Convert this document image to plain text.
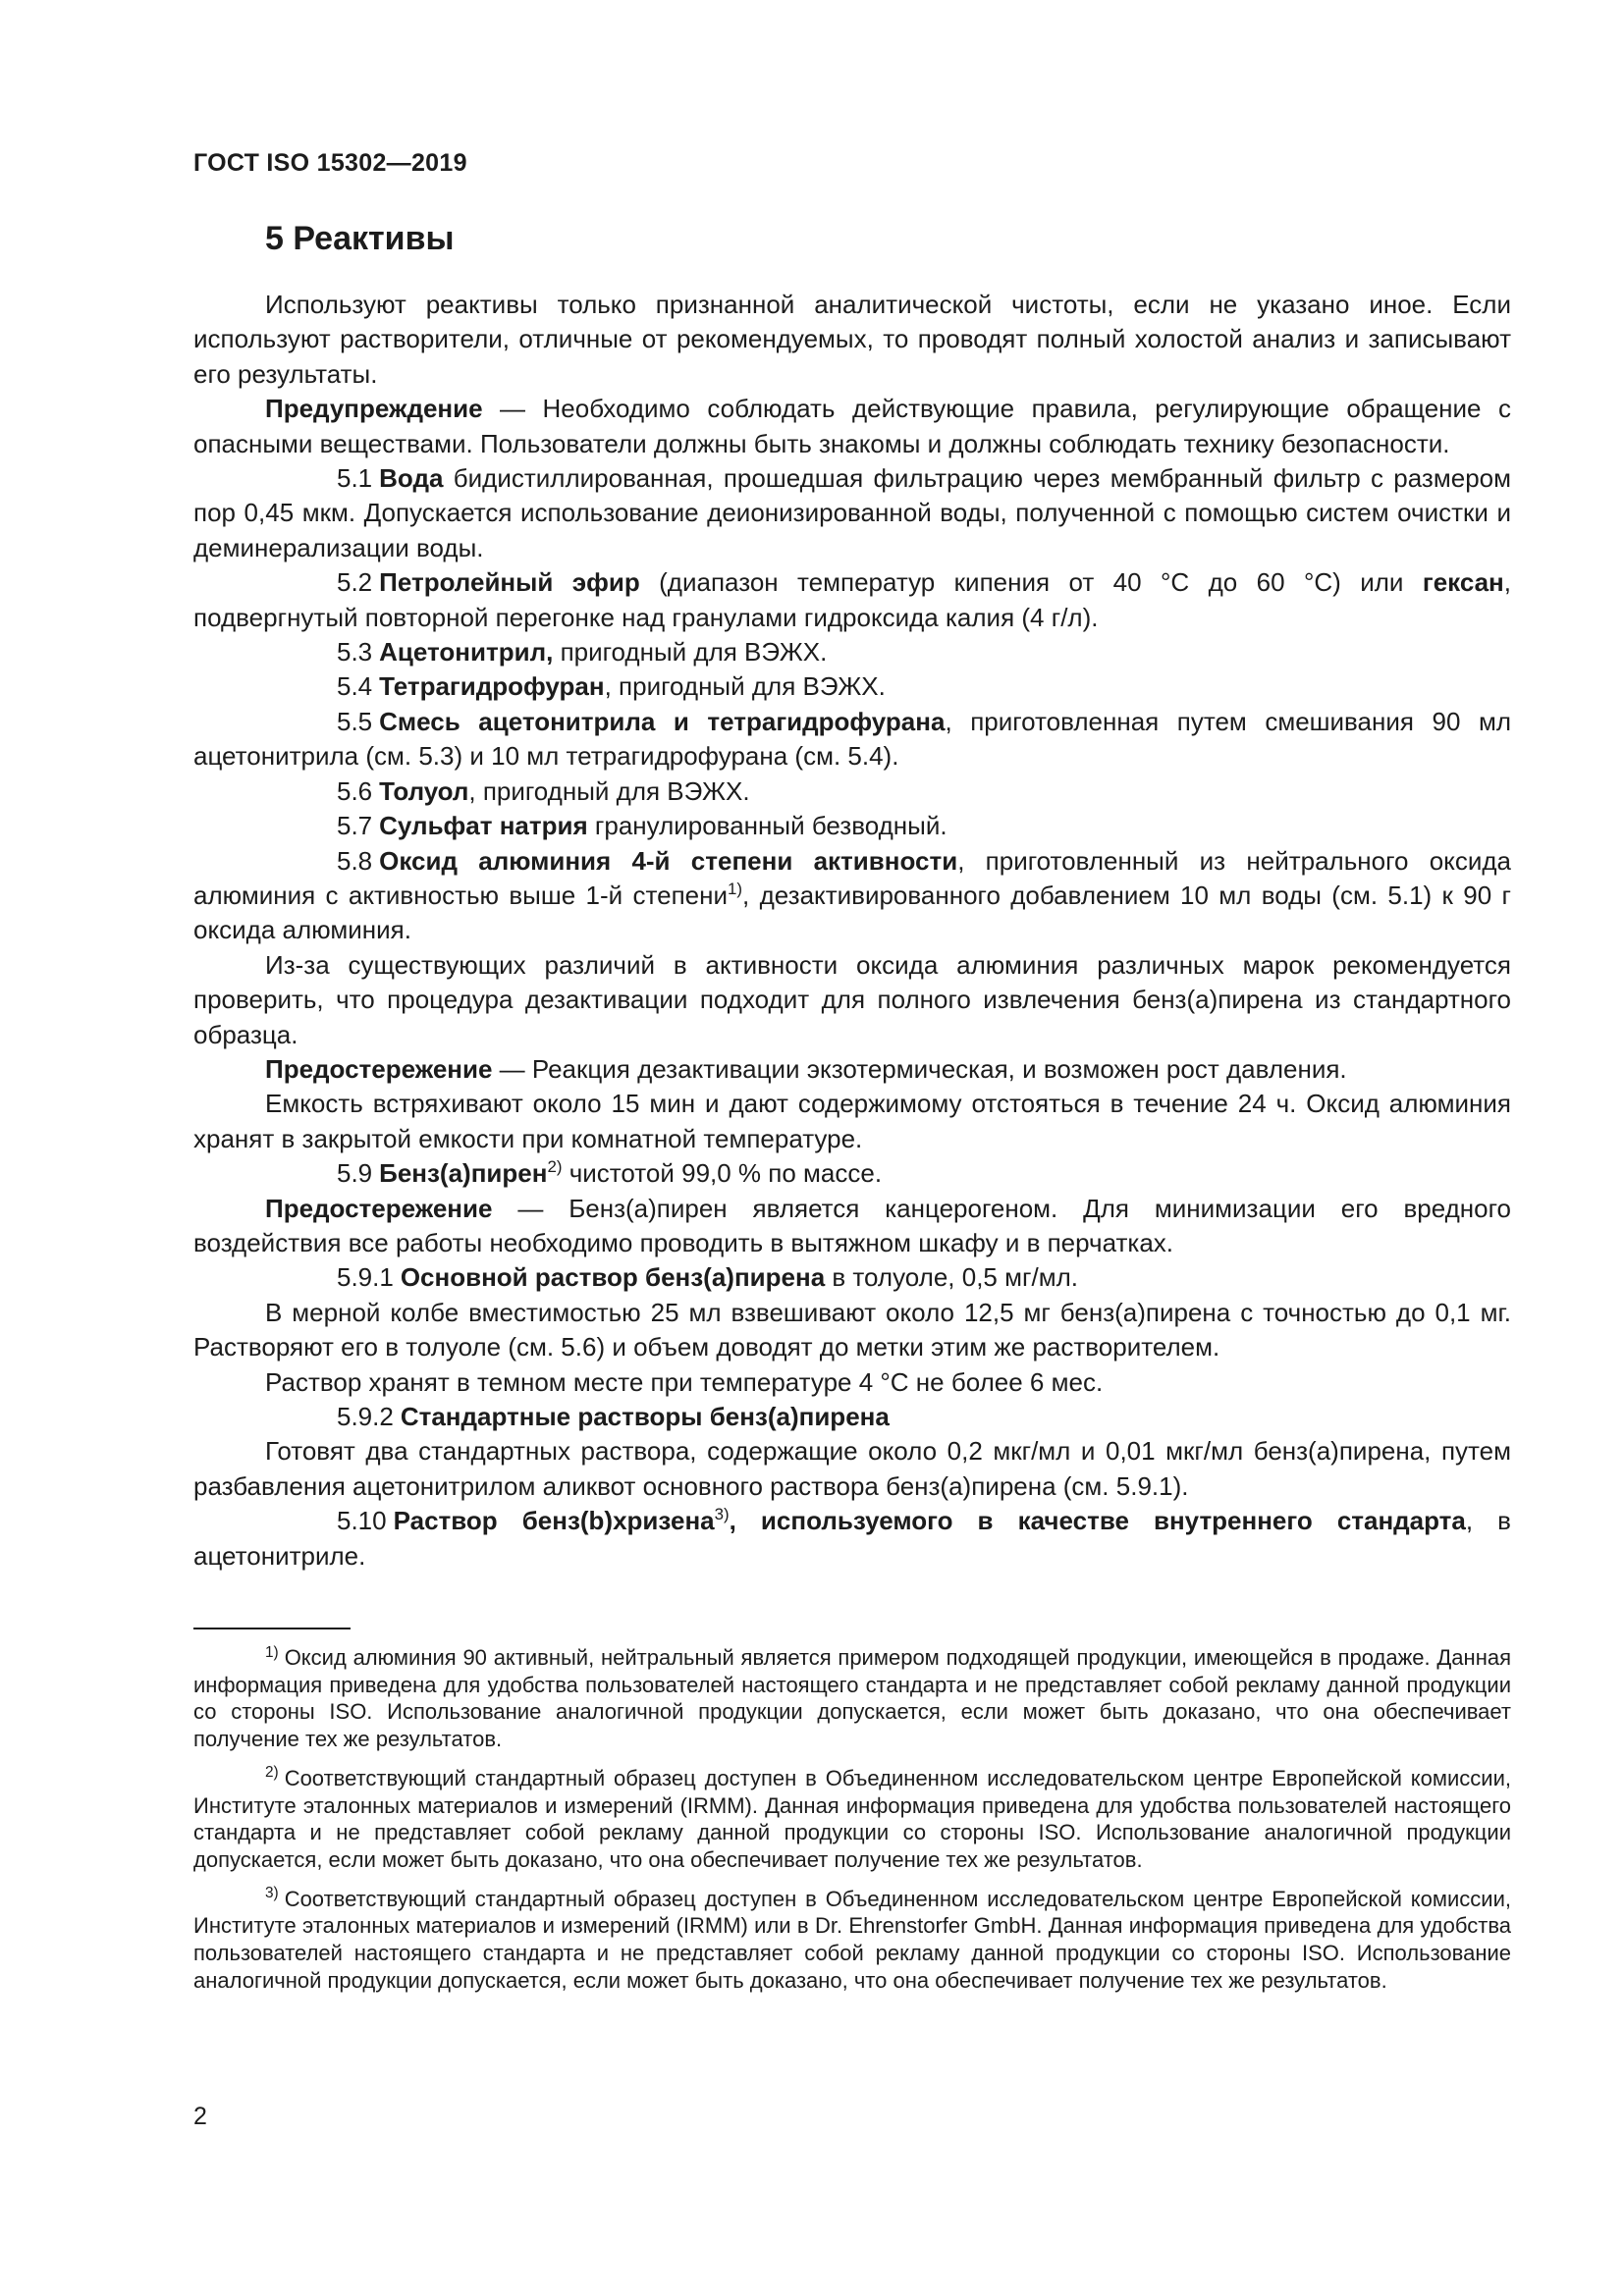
ГОСТ ISO 15302—2019
5 Реактивы

Используют реактивы только признанной аналитической чистоты, если не указано иное. Если используют растворители, отличные от рекомендуемых, то проводят полный холостой анализ и записывают его результаты.

Предупреждение — Необходимо соблюдать действующие правила, регулирующие обращение с опасными веществами. Пользователи должны быть знакомы и должны соблюдать технику безопасности.

5.1 Вода бидистиллированная, прошедшая фильтрацию через мембранный фильтр с размером пор 0,45 мкм. Допускается использование деионизированной воды, полученной с помощью систем очистки и деминерализации воды.

5.2 Петролейный эфир (диапазон температур кипения от 40 °С до 60 °С) или гексан, подвергнутый повторной перегонке над гранулами гидроксида калия (4 г/л).

5.3 Ацетонитрил, пригодный для ВЭЖХ.

5.4 Тетрагидрофуран, пригодный для ВЭЖХ.

5.5 Смесь ацетонитрила и тетрагидрофурана, приготовленная путем смешивания 90 мл ацетонитрила (см. 5.3) и 10 мл тетрагидрофурана (см. 5.4).

5.6 Толуол, пригодный для ВЭЖХ.

5.7 Сульфат натрия гранулированный безводный.

5.8 Оксид алюминия 4-й степени активности, приготовленный из нейтрального оксида алюминия с активностью выше 1-й степени$^{1)}$, дезактивированного добавлением 10 мл воды (см. 5.1) к 90 г оксида алюминия.

Из-за существующих различий в активности оксида алюминия различных марок рекомендуется проверить, что процедура дезактивации подходит для полного извлечения бенз(а)пирена из стандартного образца.

Предостережение — Реакция дезактивации экзотермическая, и возможен рост давления.

Емкость встряхивают около 15 мин и дают содержимому отстояться в течение 24 ч. Оксид алюминия хранят в закрытой емкости при комнатной температуре.

5.9 Бенз(а)пирен$^{2)}$ чистотой 99,0 % по массе.

Предостережение — Бенз(а)пирен является канцерогеном. Для минимизации его вредного воздействия все работы необходимо проводить в вытяжном шкафу и в перчатках.

5.9.1 Основной раствор бенз(а)пирена в толуоле, 0,5 мг/мл.

В мерной колбе вместимостью 25 мл взвешивают около 12,5 мг бенз(а)пирена с точностью до 0,1 мг. Растворяют его в толуоле (см. 5.6) и объем доводят до метки этим же растворителем.

Раствор хранят в темном месте при температуре 4 °С не более 6 мес.

5.9.2 Стандартные растворы бенз(а)пирена

Готовят два стандартных раствора, содержащие около 0,2 мкг/мл и 0,01 мкг/мл бенз(а)пирена, путем разбавления ацетонитрилом аликвот основного раствора бенз(а)пирена (см. 5.9.1).

5.10 Раствор бенз(b)хризена$^{3)}$, используемого в качестве внутреннего стандарта, в ацетонитриле.

$^{1)}$ Оксид алюминия 90 активный, нейтральный является примером подходящей продукции, имеющейся в продаже. Данная информация приведена для удобства пользователей настоящего стандарта и не представляет собой рекламу данной продукции со стороны ISO. Использование аналогичной продукции допускается, если может быть доказано, что она обеспечивает получение тех же результатов.

$^{2)}$ Соответствующий стандартный образец доступен в Объединенном исследовательском центре Европейской комиссии, Институте эталонных материалов и измерений (IRMM). Данная информация приведена для удобства пользователей настоящего стандарта и не представляет собой рекламу данной продукции со стороны ISO. Использование аналогичной продукции допускается, если может быть доказано, что она обеспечивает получение тех же результатов.

$^{3)}$ Соответствующий стандартный образец доступен в Объединенном исследовательском центре Европейской комиссии, Институте эталонных материалов и измерений (IRMM) или в Dr. Ehrenstorfer GmbH. Данная информация приведена для удобства пользователей настоящего стандарта и не представляет собой рекламу данной продукции со стороны ISO. Использование аналогичной продукции допускается, если может быть доказано, что она обеспечивает получение тех же результатов.

2
